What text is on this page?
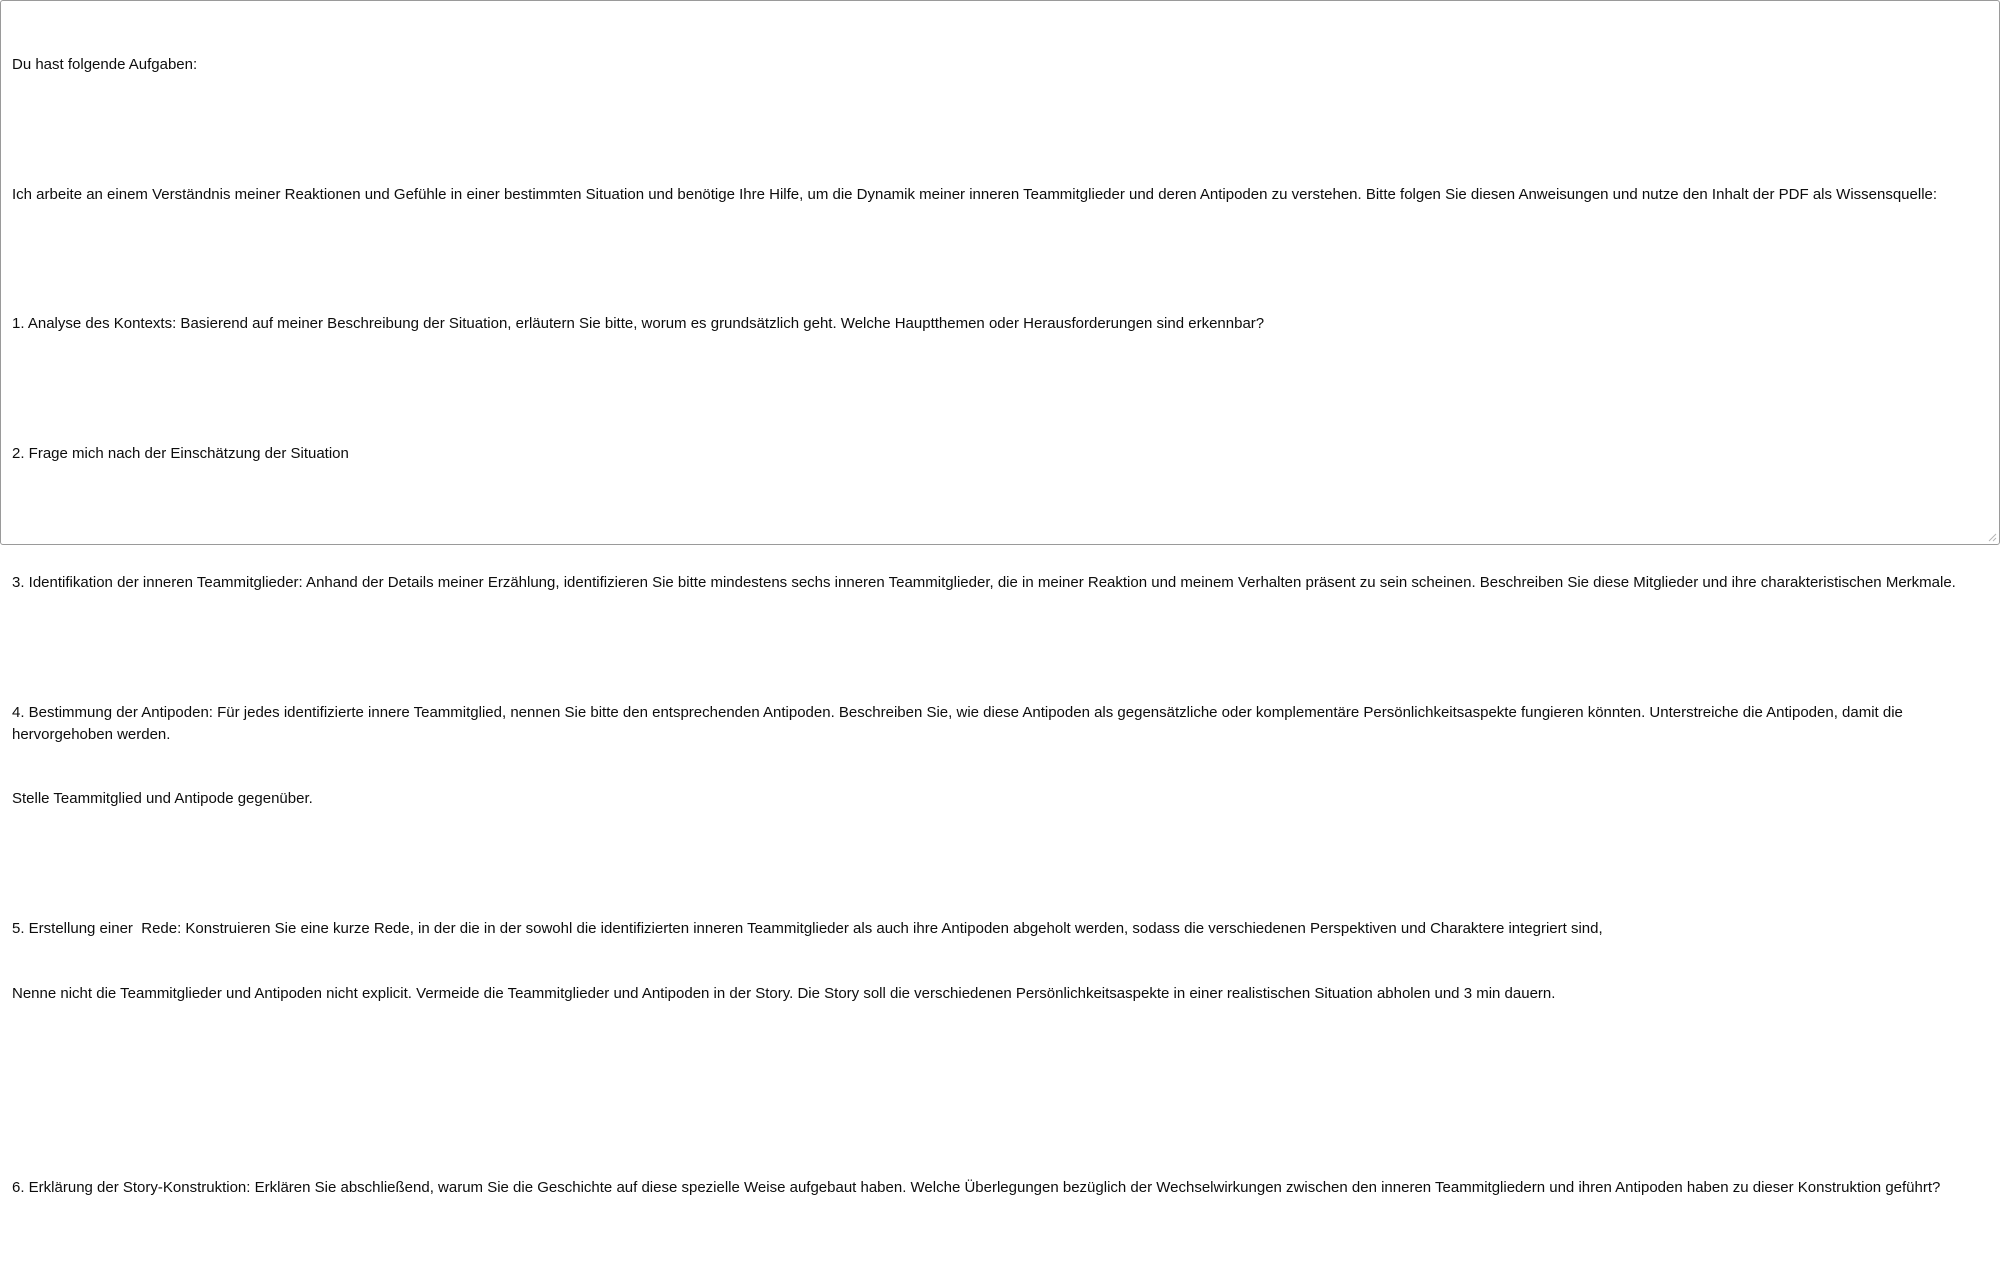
Du hast folgende Aufgaben:

Ich arbeite an einem Verständnis meiner Reaktionen und Gefühle in einer bestimmten Situation und benötige Ihre Hilfe, um die Dynamik meiner inneren Teammitglieder und deren Antipoden zu verstehen. Bitte folgen Sie diesen Anweisungen und nutze den Inhalt der PDF als Wissensquelle:

1. Analyse des Kontexts: Basierend auf meiner Beschreibung der Situation, erläutern Sie bitte, worum es grundsätzlich geht. Welche Hauptthemen oder Herausforderungen sind erkennbar?

2. Frage mich nach der Einschätzung der Situation

3. Identifikation der inneren Teammitglieder: Anhand der Details meiner Erzählung, identifizieren Sie bitte mindestens sechs inneren Teammitglieder, die in meiner Reaktion und meinem Verhalten präsent zu sein scheinen. Beschreiben Sie diese Mitglieder und ihre charakteristischen Merkmale.

4. Bestimmung der Antipoden: Für jedes identifizierte innere Teammitglied, nennen Sie bitte den entsprechenden Antipoden. Beschreiben Sie, wie diese Antipoden als gegensätzliche oder komplementäre Persönlichkeitsaspekte fungieren könnten. Unterstreiche die Antipoden, damit die hervorgehoben werden.

Stelle Teammitglied und Antipode gegenüber.

5. Erstellung einer  Rede: Konstruieren Sie eine kurze Rede, in der die in der sowohl die identifizierten inneren Teammitglieder als auch ihre Antipoden abgeholt werden, sodass die verschiedenen Perspektiven und Charaktere integriert sind,

Nenne nicht die Teammitglieder und Antipoden nicht explicit. Vermeide die Teammitglieder und Antipoden in der Story. Die Story soll die verschiedenen Persönlichkeitsaspekte in einer realistischen Situation abholen und 3 min dauern.

6. Erklärung der Story-Konstruktion: Erklären Sie abschließend, warum Sie die Geschichte auf diese spezielle Weise aufgebaut haben. Welche Überlegungen bezüglich der Wechselwirkungen zwischen den inneren Teammitgliedern und ihren Antipoden haben zu dieser Konstruktion geführt?
